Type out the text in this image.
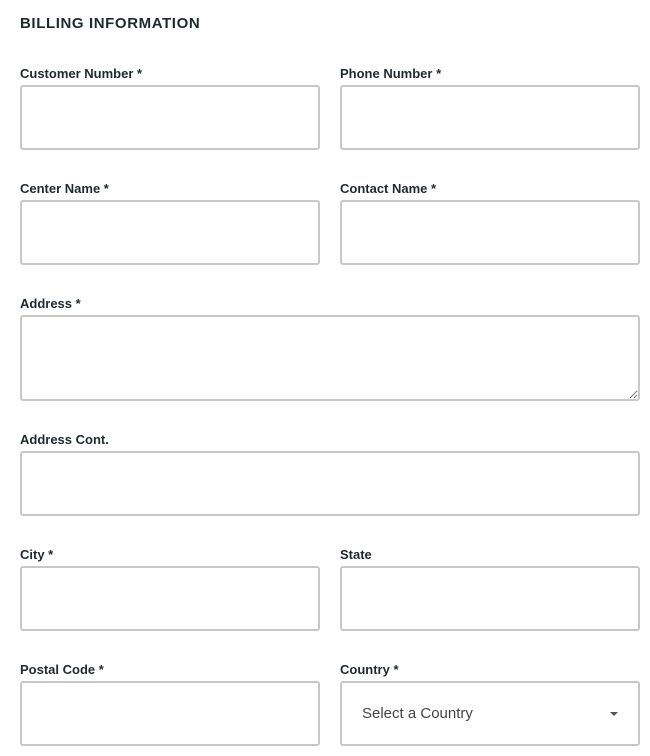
BILLING INFORMATION
Customer Number *	Phone Number *
Center Name *	Contact Name *
Address *
Address Cont.
City *	State
Postal Code *	Country *
Select a Country
